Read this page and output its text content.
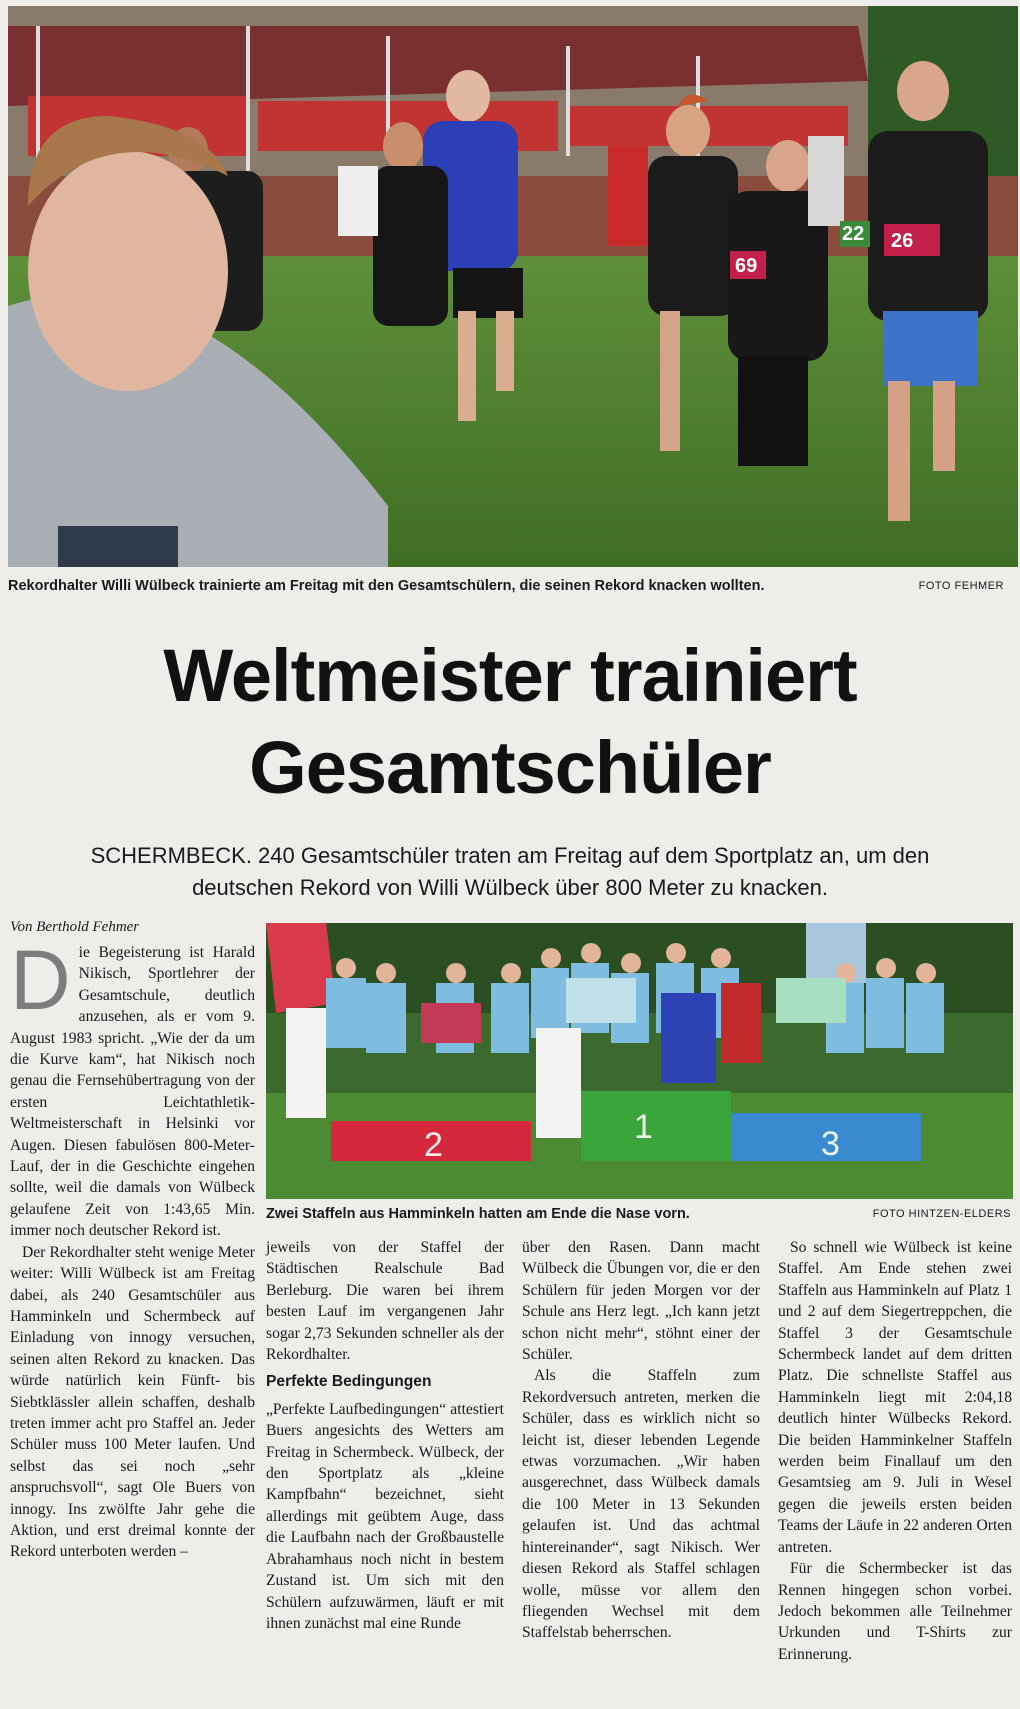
69
26
22
Rekordhalter Willi Wülbeck trainierte am Freitag mit den Gesamtschülern, die seinen Rekord knacken wollten.	FOTO FEHMER
Weltmeister trainiert
Gesamtschüler
SCHERMBECK. 240 Gesamtschüler traten am Freitag auf dem Sportplatz an, um den
deutschen Rekord von Willi Wülbeck über 800 Meter zu knacken.
Von Berthold Fehmer

Die Begeisterung ist Harald Nikisch, Sportlehrer der Gesamtschule, deutlich anzusehen, als er vom 9. August 1983 spricht. „Wie der da um die Kurve kam“, hat Nikisch noch genau die Fernsehübertragung von der ersten Leichtathletik-Weltmeisterschaft in Helsinki vor Augen. Diesen fabulösen 800-Meter-Lauf, der in die Geschichte eingehen sollte, weil die damals von Wülbeck gelaufene Zeit von 1:43,65 Min. immer noch deutscher Rekord ist.

Der Rekordhalter steht wenige Meter weiter: Willi Wülbeck ist am Freitag dabei, als 240 Gesamtschüler aus Hamminkeln und Schermbeck auf Einladung von innogy versuchen, seinen alten Rekord zu knacken. Das würde natürlich kein Fünft- bis Siebtklässler allein schaffen, deshalb treten immer acht pro Staffel an. Jeder Schüler muss 100 Meter laufen. Und selbst das sei noch „sehr anspruchsvoll“, sagt Ole Buers von innogy. Ins zwölfte Jahr gehe die Aktion, und erst dreimal konnte der Rekord unterboten werden –

2	1	3
Zwei Staffeln aus Hamminkeln hatten am Ende die Nase vorn.	FOTO HINTZEN-ELDERS

jeweils von der Staffel der Städtischen Realschule Bad Berleburg. Die waren bei ihrem besten Lauf im vergangenen Jahr sogar 2,73 Sekunden schneller als der Rekordhalter.

Perfekte Bedingungen

„Perfekte Laufbedingungen“ attestiert Buers angesichts des Wetters am Freitag in Schermbeck. Wülbeck, der den Sportplatz als „kleine Kampfbahn“ bezeichnet, sieht allerdings mit geübtem Auge, dass die Laufbahn nach der Großbaustelle Abrahamhaus noch nicht in bestem Zustand ist. Um sich mit den Schülern aufzuwärmen, läuft er mit ihnen zunächst mal eine Runde

über den Rasen. Dann macht Wülbeck die Übungen vor, die er den Schülern für jeden Morgen vor der Schule ans Herz legt. „Ich kann jetzt schon nicht mehr“, stöhnt einer der Schüler.

Als die Staffeln zum Rekordversuch antreten, merken die Schüler, dass es wirklich nicht so leicht ist, dieser lebenden Legende etwas vorzumachen. „Wir haben ausgerechnet, dass Wülbeck damals die 100 Meter in 13 Sekunden gelaufen ist. Und das achtmal hintereinander“, sagt Nikisch. Wer diesen Rekord als Staffel schlagen wolle, müsse vor allem den fliegenden Wechsel mit dem Staffelstab beherrschen.

So schnell wie Wülbeck ist keine Staffel. Am Ende stehen zwei Staffeln aus Hamminkeln auf Platz 1 und 2 auf dem Siegertreppchen, die Staffel 3 der Gesamtschule Schermbeck landet auf dem dritten Platz. Die schnellste Staffel aus Hamminkeln liegt mit 2:04,18 deutlich hinter Wülbecks Rekord. Die beiden Hamminkelner Staffeln werden beim Finallauf um den Gesamtsieg am 9. Juli in Wesel gegen die jeweils ersten beiden Teams der Läufe in 22 anderen Orten antreten.

Für die Schermbecker ist das Rennen hingegen schon vorbei. Jedoch bekommen alle Teilnehmer Urkunden und T-Shirts zur Erinnerung.
